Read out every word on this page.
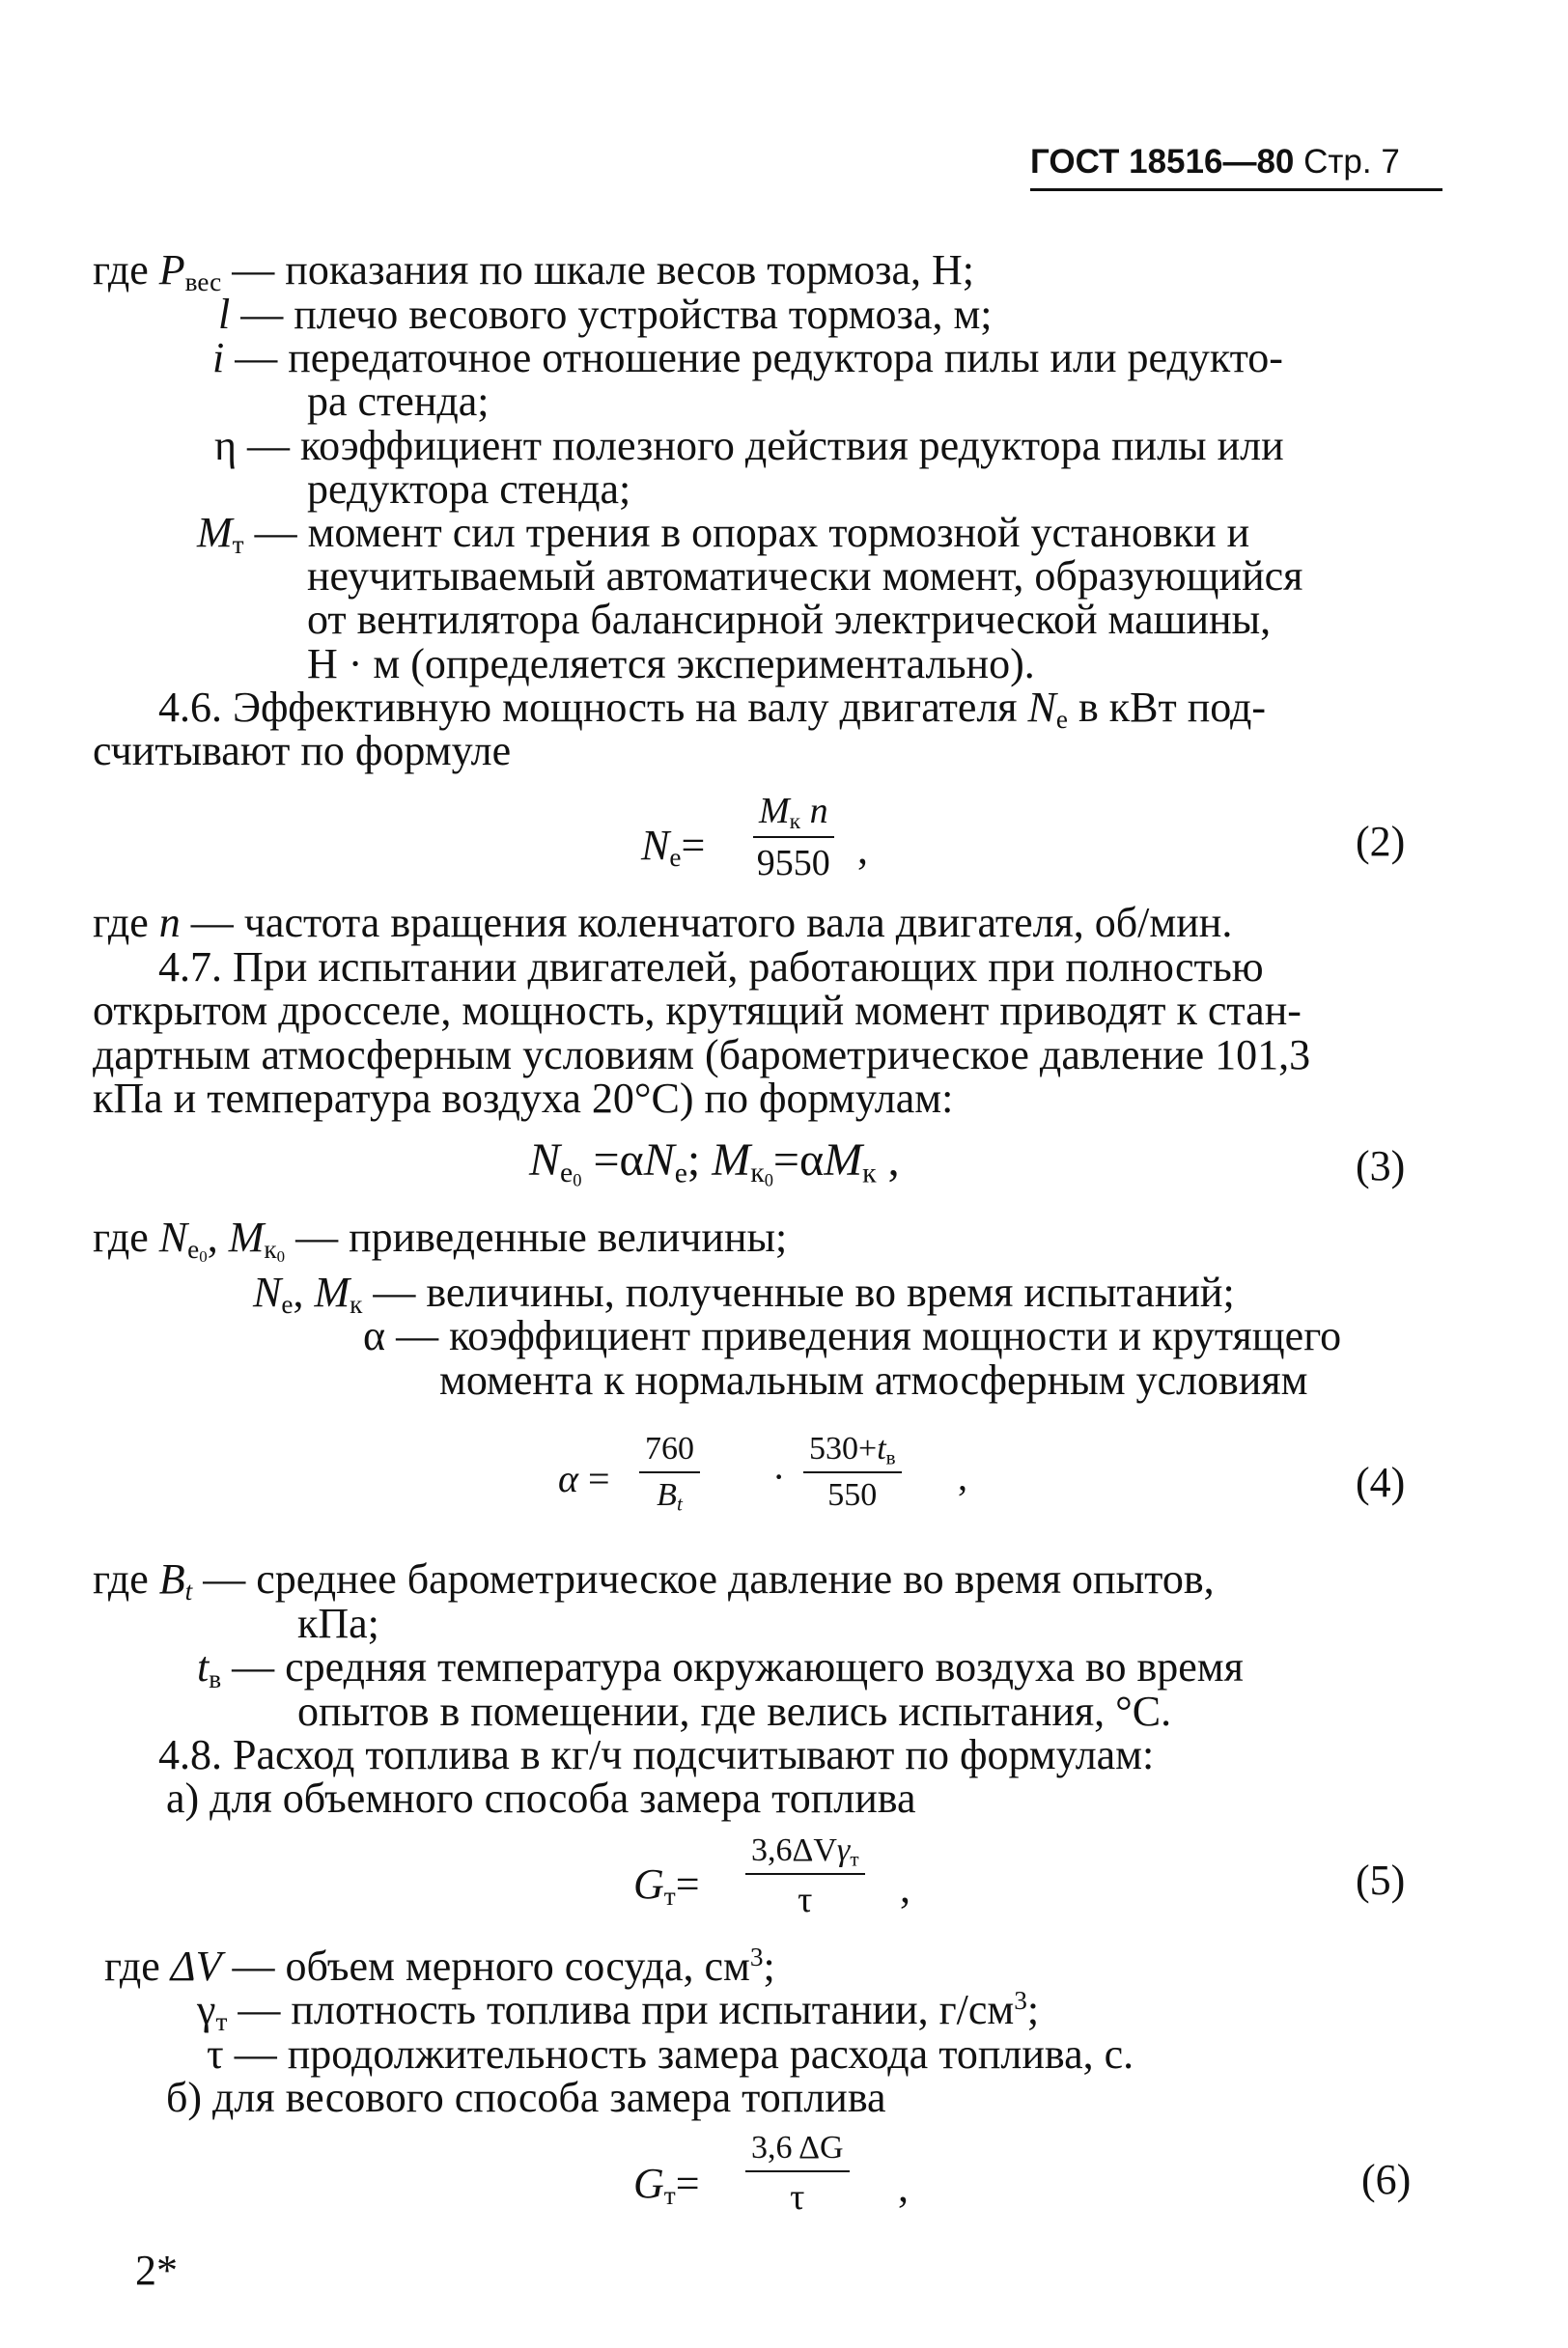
ГОСТ 18516—80 Стр. 7
где $P_{вес}$ — показания по шкале весов тормоза, Н;
l — плечо весового устройства тормоза, м;
i — передаточное отношение редуктора пилы или редукто-
ра стенда;
η — коэффициент полезного действия редуктора пилы или
редуктора стенда;
$M_т$ — момент сил трения в опорах тормозной установки и
неучитываемый автоматически момент, образующийся
от вентилятора балансирной электрической машины,
Н · м (определяется экспериментально).
4.6. Эффективную мощность на валу двигателя $N_e$ в кВт под-
считывают по формуле
$N_e=$
$M_к$ n
9550 ,	(2)
где n — частота вращения коленчатого вала двигателя, об/мин.
4.7. При испытании двигателей, работающих при полностью
открытом дросселе, мощность, крутящий момент приводят к стан-
дартным атмосферным условиям (барометрическое давление 101,3
кПа и температура воздуха 20°С) по формулам:
$N_{e_0} =\alpha N_e$; $M_{к_0}=\alpha M_к$ ,	(3)
где $N_{e_0}$, $M_{к_0}$ — приведенные величины;
$N_e$, $M_к$ — величины, полученные во время испытаний;
α — коэффициент приведения мощности и крутящего
момента к нормальным атмосферным условиям
α =
760
$B_t$
·
$530+t_в$
550 ,	(4)
где $B_t$ — среднее барометрическое давление во время опытов,
кПа;
$t_в$ — средняя температура окружающего воздуха во время
опытов в помещении, где велись испытания, °С.
4.8. Расход топлива в кг/ч подсчитывают по формулам:
а) для объемного способа замера топлива
$G_т=$
3,6ΔVγ$_т$
τ ,	(5)
где ΔV — объем мерного сосуда, $см^3$;
$\gamma_т$ — плотность топлива при испытании, $г/см^3$;
τ — продолжительность замера расхода топлива, с.
б) для весового способа замера топлива
$G_т=$
3,6 ΔG
τ ,	(6)
2*
